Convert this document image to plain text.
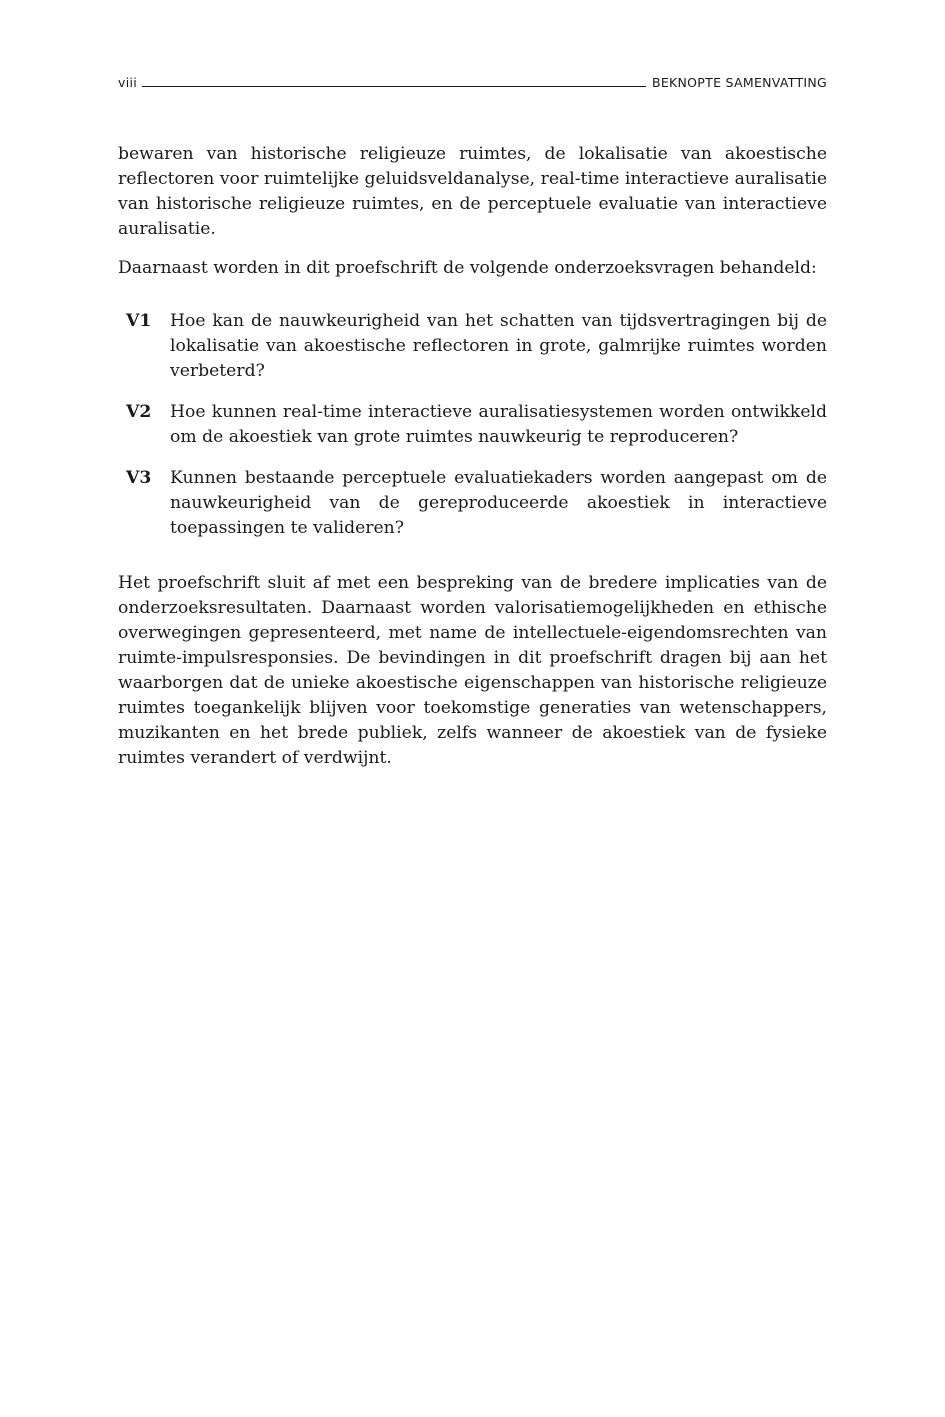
viii	BEKNOPTE SAMENVATTING

bewaren van historische religieuze ruimtes, de lokalisatie van akoestische reflectoren voor ruimtelijke geluidsveldanalyse, real-time interactieve auralisatie van historische religieuze ruimtes, en de perceptuele evaluatie van interactieve auralisatie.

Daarnaast worden in dit proefschrift de volgende onderzoeksvragen behandeld:

V1	Hoe kan de nauwkeurigheid van het schatten van tijdsvertragingen bij de lokalisatie van akoestische reflectoren in grote, galmrijke ruimtes worden verbeterd?
V2	Hoe kunnen real-time interactieve auralisatiesystemen worden ontwikkeld om de akoestiek van grote ruimtes nauwkeurig te reproduceren?
V3	Kunnen bestaande perceptuele evaluatiekaders worden aangepast om de nauwkeurigheid van de gereproduceerde akoestiek in interactieve toepassingen te valideren?

Het proefschrift sluit af met een bespreking van de bredere implicaties van de onderzoeksresultaten. Daarnaast worden valorisatiemogelijkheden en ethische overwegingen gepresenteerd, met name de intellectuele-eigendomsrechten van ruimte-impulsresponsies. De bevindingen in dit proefschrift dragen bij aan het waarborgen dat de unieke akoestische eigenschappen van historische religieuze ruimtes toegankelijk blijven voor toekomstige generaties van wetenschappers, muzikanten en het brede publiek, zelfs wanneer de akoestiek van de fysieke ruimtes verandert of verdwijnt.
